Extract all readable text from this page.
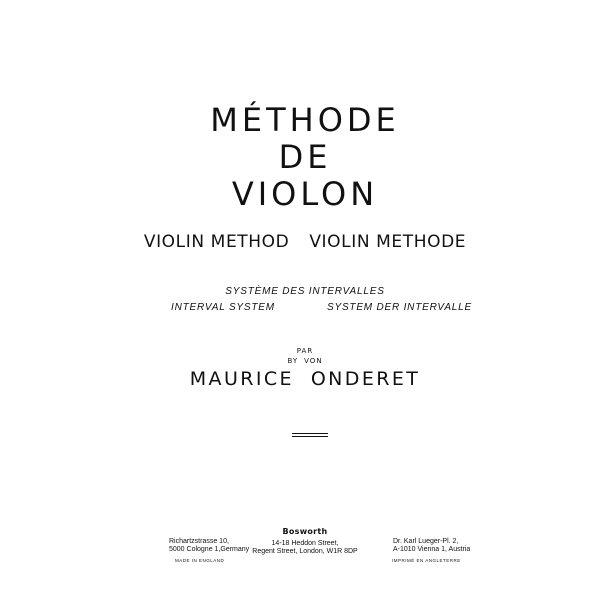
MÉTHODE
DE
VIOLON
VIOLIN METHOD VIOLIN METHODE
SYSTÈME DES INTERVALLES
INTERVAL SYSTEM	SYSTEM DER INTERVALLE
PAR
BY VON
MAURICE  ONDERET
Bosworth
14-18 Heddon Street,
Regent Street, London, W1R 8DP
Richartzstrasse 10,
5000 Cologne 1,Germany
Dr. Karl Lueger-Pl. 2,
A-1010 Vienna 1, Austria
MADE IN ENGLAND	IMPRIMÉ EN ANGLETERRE
